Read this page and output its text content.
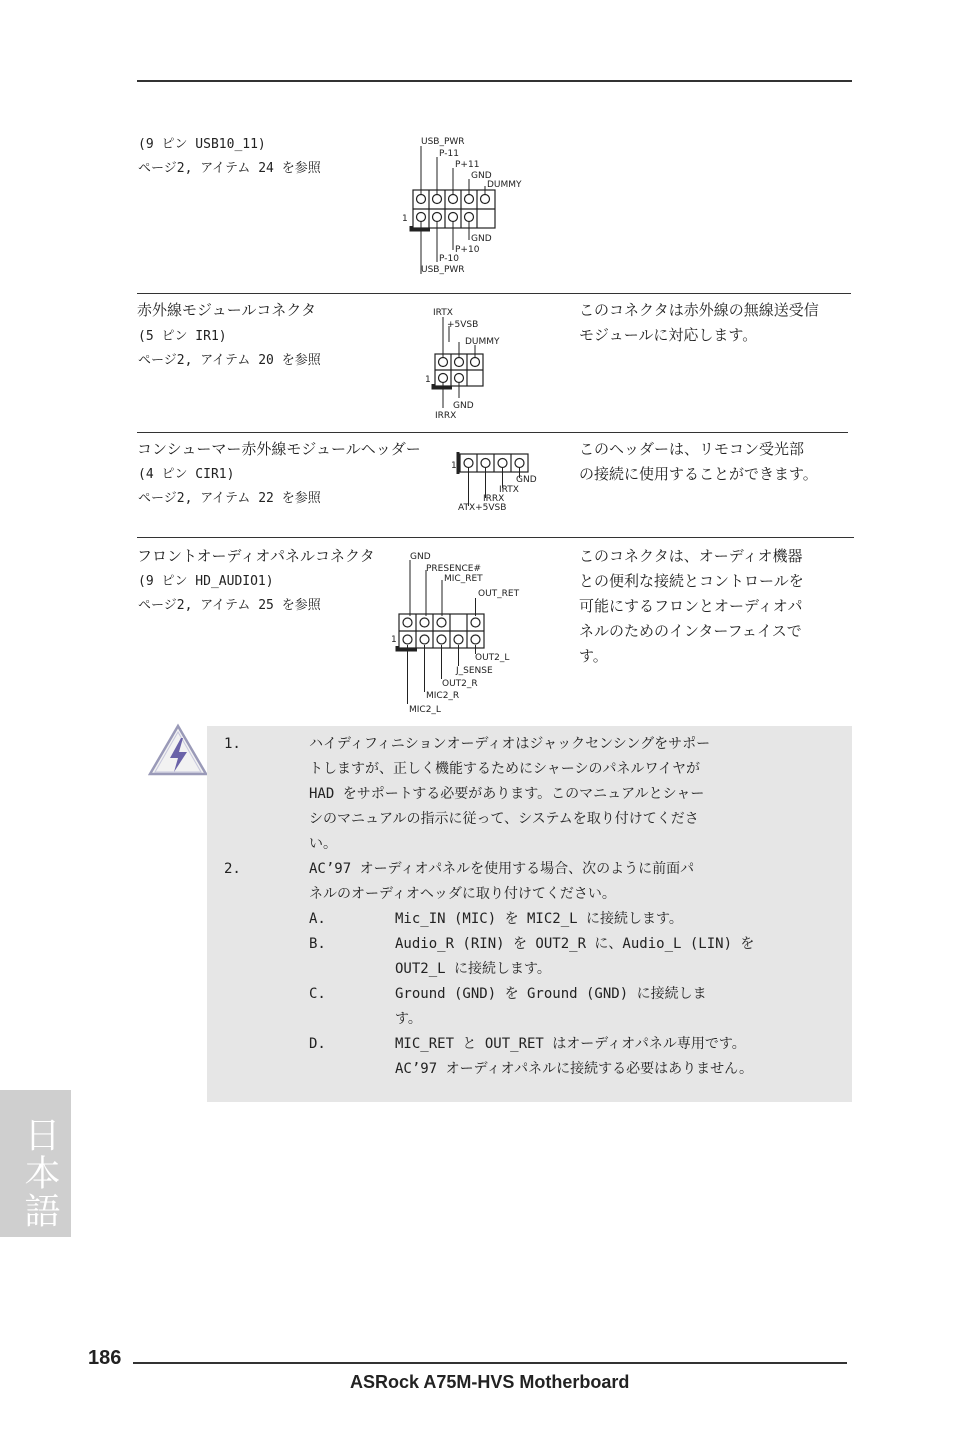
(9 ピン USB10_11)
ページ2, アイテム 24 を参照
1
USB_PWR
P-11
P+11
GND
DUMMY
GND
P+10
P-10
USB_PWR
赤外線モジュールコネクタ
(5 ピン IR1)
ページ2, アイテム 20 を参照
このコネクタは赤外線の無線送受信
モジュールに対応します。
1
IRTX
+5VSB
DUMMY
GND
IRRX
コンシューマー赤外線モジュールヘッダー
(4 ピン CIR1)
ページ2, アイテム 22 を参照
このヘッダーは、リモコン受光部
の接続に使用することができます。
1
GND
IRTX
IRRX
ATX+5VSB
フロントオーディオパネルコネクタ
(9 ピン HD_AUDIO1)
ページ2, アイテム 25 を参照
このコネクタは、オーディオ機器
との便利な接続とコントロールを
可能にするフロンとオーディオパ
ネルのためのインターフェイスで
す。
1
GND
PRESENCE#
MIC_RET
OUT_RET
OUT2_L
J_SENSE
OUT2_R
MIC2_R
MIC2_L
1.	ハイディフィニションオーディオはジャックセンシングをサポー
トしますが、正しく機能するためにシャーシのパネルワイヤが
HAD をサポートする必要があります。このマニュアルとシャー
シのマニュアルの指示に従って、システムを取り付けてくださ
い。
2.	AC’97 オーディオパネルを使用する場合、次のように前面パ
ネルのオーディオヘッダに取り付けてください。
A.	Mic_IN (MIC) を MIC2_L に接続します。
B.	Audio_R (RIN) を OUT2_R に、Audio_L (LIN) を
OUT2_L に接続します。
C.	Ground (GND) を Ground (GND) に接続しま
す。
D.	MIC_RET と OUT_RET はオーディオパネル専用です。
AC’97 オーディオパネルに接続する必要はありません。
日本語
186
ASRock A75M-HVS Motherboard
